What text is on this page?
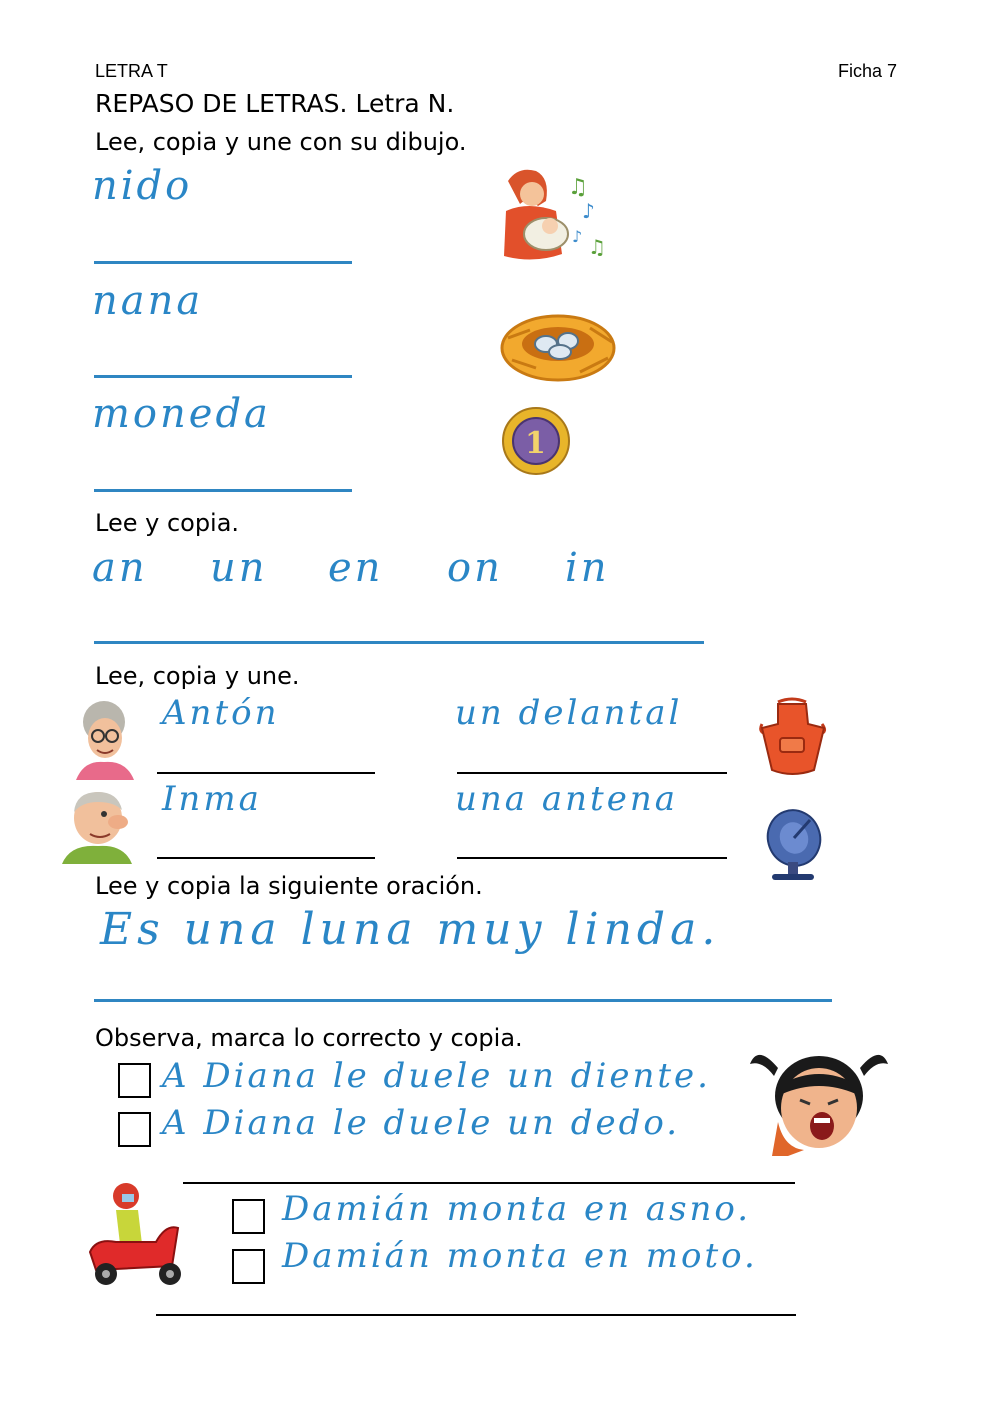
LETRA T	Ficha 7
REPASO DE LETRAS. Letra N.
Lee, copia y une con su dibujo.
nido
nana
moneda
♫
♪
♫
♪
1
Lee y copia.
an un en on in
Lee, copia y une.
Antón	un delantal
Inma	una antena
Lee y copia la siguiente oración.
Es una luna muy linda.
Observa, marca lo correcto y copia.
A Diana le duele un diente.
A Diana le duele un dedo.
Damián monta en asno.
Damián monta en moto.
